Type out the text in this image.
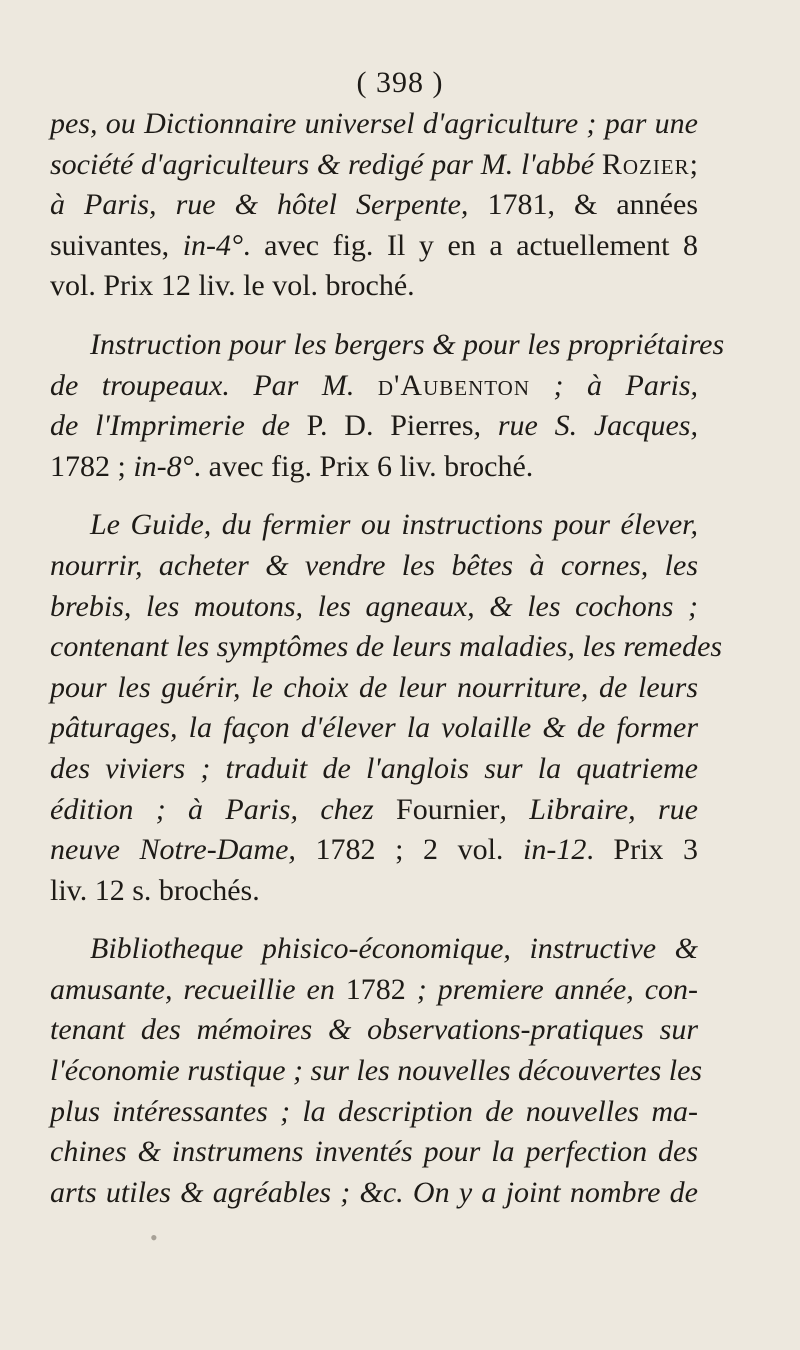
( 398 )
pes, ou Dictionnaire universel d'agriculture ; par une
société d'agriculteurs & redigé par M. l'abbé Rozier;
à Paris, rue & hôtel Serpente, 1781, & années
suivantes, in-4°. avec fig. Il y en a actuellement 8
vol. Prix 12 liv. le vol. broché.
Instruction pour les bergers & pour les propriétaires
de troupeaux. Par M. d'Aubenton ; à Paris,
de l'Imprimerie de P. D. Pierres, rue S. Jacques,
1782 ; in-8°. avec fig. Prix 6 liv. broché.
Le Guide, du fermier ou instructions pour élever,
nourrir, acheter & vendre les bêtes à cornes, les
brebis, les moutons, les agneaux, & les cochons ;
contenant les symptômes de leurs maladies, les remedes
pour les guérir, le choix de leur nourriture, de leurs
pâturages, la façon d'élever la volaille & de former
des viviers ; traduit de l'anglois sur la quatrieme
édition ; à Paris, chez Fournier, Libraire, rue
neuve Notre-Dame, 1782 ; 2 vol. in-12. Prix 3
liv. 12 s. brochés.
Bibliotheque phisico-économique, instructive &
amusante, recueillie en 1782 ; premiere année, con-
tenant des mémoires & observations-pratiques sur
l'économie rustique ; sur les nouvelles découvertes les
plus intéressantes ; la description de nouvelles ma-
chines & instrumens inventés pour la perfection des
arts utiles & agréables ; &c. On y a joint nombre de
•
